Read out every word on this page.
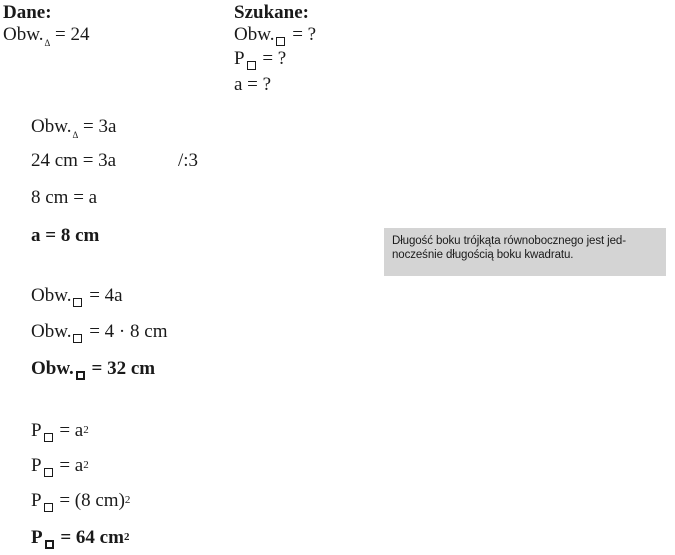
Dane:
$Obw._\Delta = 24$
Szukane:
Obw. = ?
P = ?
a = ?
$Obw._\Delta = 3a$
24 cm = 3a	/:3
8 cm = a
a = 8 cm
Obw. = 4a
Obw. = 4 · 8 cm
Obw. = 32 cm
$P = a^2$
$P = a^2$
P = (8 cm)$^2$
P = 64 $cm^2$
Długość boku trójkąta równobocznego jest jed-nocześnie długością boku kwadratu.
